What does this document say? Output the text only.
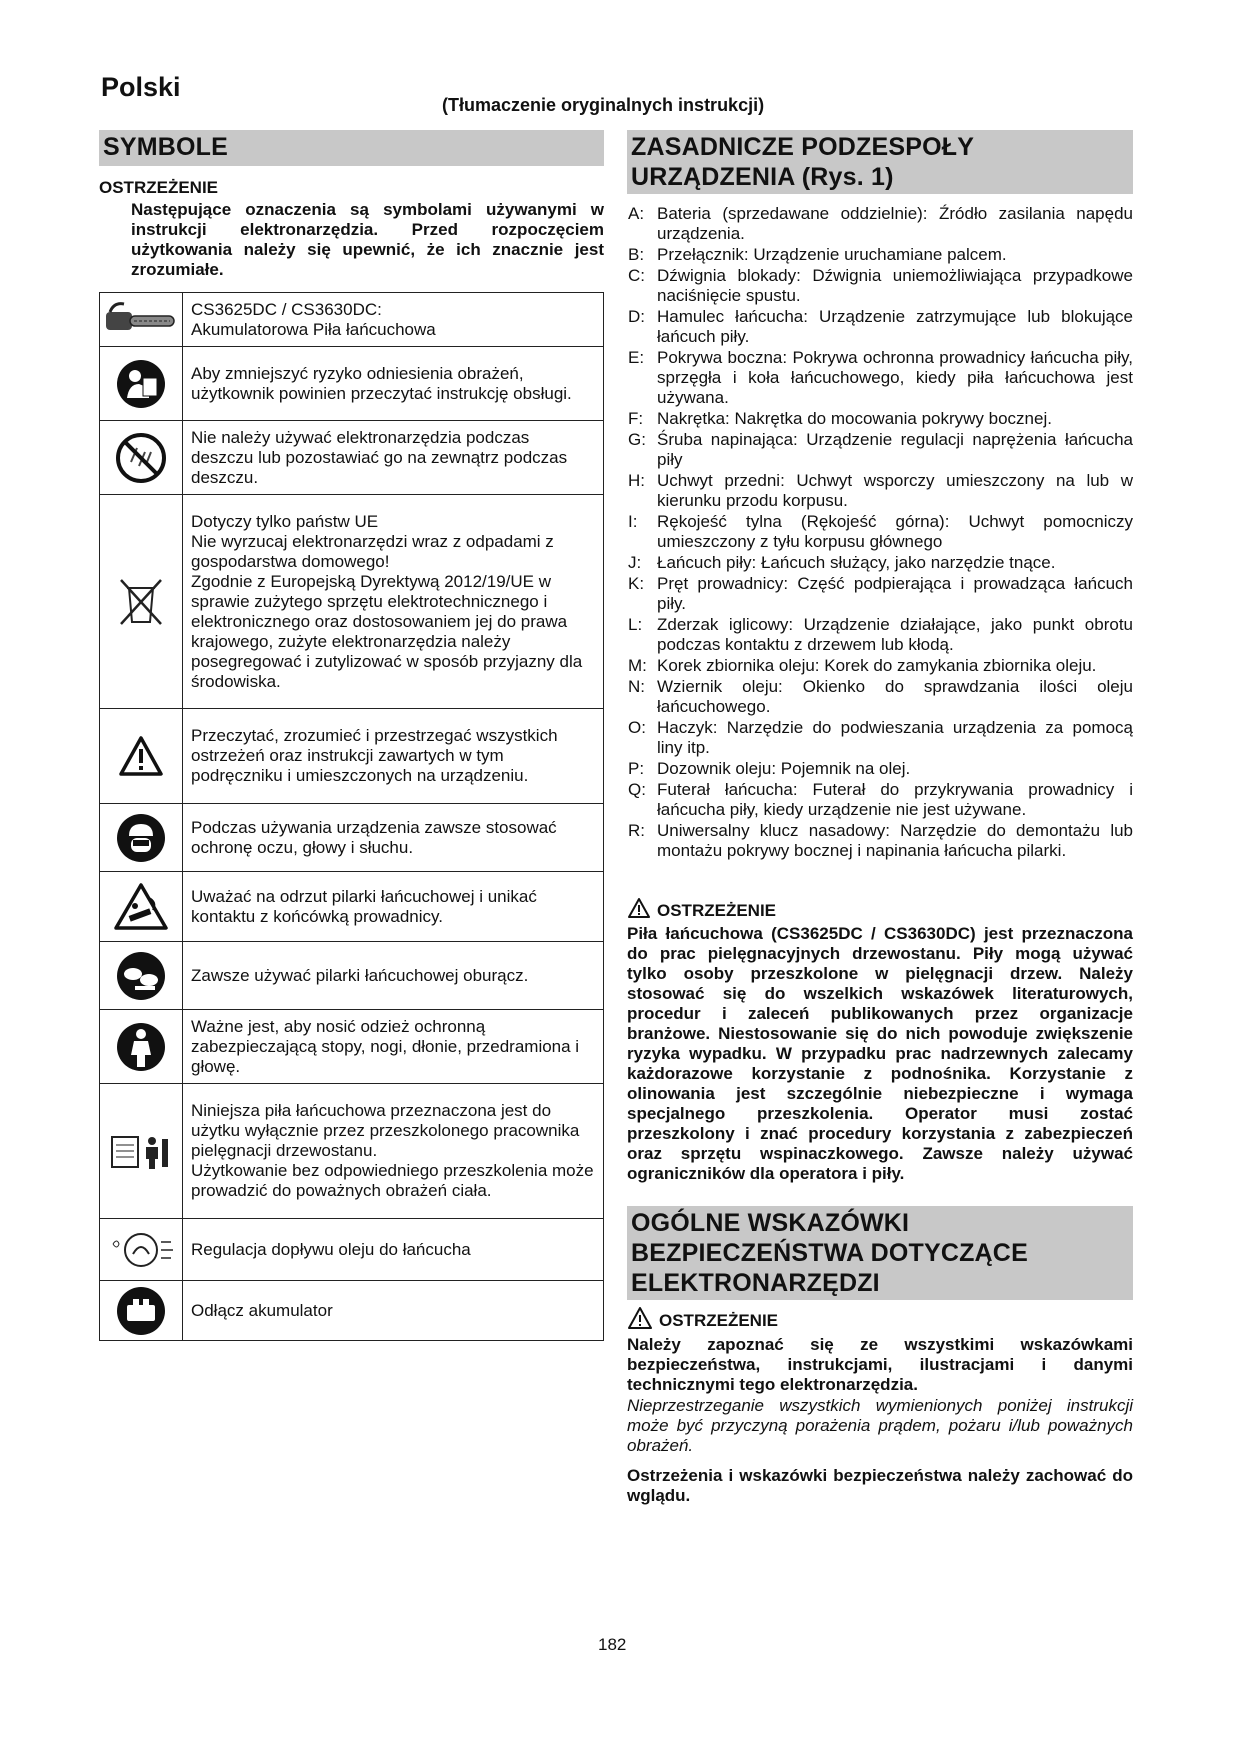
Polski
(Tłumaczenie oryginalnych instrukcji)
SYMBOLE
OSTRZEŻENIE
Następujące oznaczenia są symbolami używanymi w instrukcji elektronarzędzia. Przed rozpoczęciem użytkowania należy się upewnić, że ich znacznie jest zrozumiałe.

CS3625DC / CS3630DC:
Akumulatorowa Piła łańcuchowa

Aby zmniejszyć ryzyko odniesienia obrażeń, użytkownik powinien przeczytać instrukcję obsługi.

Nie należy używać elektronarzędzia podczas deszczu lub pozostawiać go na zewnątrz podczas deszczu.

Dotyczy tylko państw UE
Nie wyrzucaj elektronarzędzi wraz z odpadami z gospodarstwa domowego!
Zgodnie z Europejską Dyrektywą 2012/19/UE w sprawie zużytego sprzętu elektrotechnicznego i elektronicznego oraz dostosowaniem jej do prawa krajowego, zużyte elektronarzędzia należy posegregować i zutylizować w sposób przyjazny dla środowiska.

Przeczytać, zrozumieć i przestrzegać wszystkich ostrzeżeń oraz instrukcji zawartych w tym podręczniku i umieszczonych na urządzeniu.

Podczas używania urządzenia zawsze stosować ochronę oczu, głowy i słuchu.

Uważać na odrzut pilarki łańcuchowej i unikać kontaktu z końcówką prowadnicy.

Zawsze używać pilarki łańcuchowej oburącz.

Ważne jest, aby nosić odzież ochronną zabezpieczającą stopy, nogi, dłonie, przedramiona i głowę.

Niniejsza piła łańcuchowa przeznaczona jest do użytku wyłącznie przez przeszkolonego pracownika pielęgnacji drzewostanu.
Użytkowanie bez odpowiedniego przeszkolenia może prowadzić do poważnych obrażeń ciała.

Regulacja dopływu oleju do łańcucha

Odłącz akumulator
ZASADNICZE PODZESPOŁY
URZĄDZENIA (Rys. 1)
A: Bateria (sprzedawane oddzielnie): Źródło zasilania napędu urządzenia.
B: Przełącznik: Urządzenie uruchamiane palcem.
C: Dźwignia blokady: Dźwignia uniemożliwiająca przypadkowe naciśnięcie spustu.
D: Hamulec łańcucha: Urządzenie zatrzymujące lub blokujące łańcuch piły.
E: Pokrywa boczna: Pokrywa ochronna prowadnicy łańcucha piły, sprzęgła i koła łańcuchowego, kiedy piła łańcuchowa jest używana.
F: Nakrętka: Nakrętka do mocowania pokrywy bocznej.
G: Śruba napinająca: Urządzenie regulacji naprężenia łańcucha piły
H: Uchwyt przedni: Uchwyt wsporczy umieszczony na lub w kierunku przodu korpusu.
I: Rękojeść tylna (Rękojeść górna): Uchwyt pomocniczy umieszczony z tyłu korpusu głównego
J: Łańcuch piły: Łańcuch służący, jako narzędzie tnące.
K: Pręt prowadnicy: Część podpierająca i prowadząca łańcuch piły.
L: Zderzak iglicowy: Urządzenie działające, jako punkt obrotu podczas kontaktu z drzewem lub kłodą.
M: Korek zbiornika oleju: Korek do zamykania zbiornika oleju.
N: Wziernik oleju: Okienko do sprawdzania ilości oleju łańcuchowego.
O: Haczyk: Narzędzie do podwieszania urządzenia za pomocą liny itp.
P: Dozownik oleju: Pojemnik na olej.
Q: Futerał łańcucha: Futerał do przykrywania prowadnicy i łańcucha piły, kiedy urządzenie nie jest używane.
R: Uniwersalny klucz nasadowy: Narzędzie do demontażu lub montażu pokrywy bocznej i napinania łańcucha pilarki.
OSTRZEŻENIE
Piła łańcuchowa (CS3625DC / CS3630DC) jest przeznaczona do prac pielęgnacyjnych drzewostanu. Piły mogą używać tylko osoby przeszkolone w pielęgnacji drzew. Należy stosować się do wszelkich wskazówek literaturowych, procedur i zaleceń publikowanych przez organizacje branżowe. Niestosowanie się do nich powoduje zwiększenie ryzyka wypadku. W przypadku prac nadrzewnych zalecamy każdorazowe korzystanie z podnośnika. Korzystanie z olinowania jest szczególnie niebezpieczne i wymaga specjalnego przeszkolenia. Operator musi zostać przeszkolony i znać procedury korzystania z zabezpieczeń oraz sprzętu wspinaczkowego. Zawsze należy używać ograniczników dla operatora i piły.
OGÓLNE WSKAZÓWKI
BEZPIECZEŃSTWA DOTYCZĄCE
ELEKTRONARZĘDZI
OSTRZEŻENIE
Należy zapoznać się ze wszystkimi wskazówkami bezpieczeństwa, instrukcjami, ilustracjami i danymi technicznymi tego elektronarzędzia.
Nieprzestrzeganie wszystkich wymienionych poniżej instrukcji może być przyczyną porażenia prądem, pożaru i/lub poważnych obrażeń.
Ostrzeżenia i wskazówki bezpieczeństwa należy zachować do wglądu.
182
